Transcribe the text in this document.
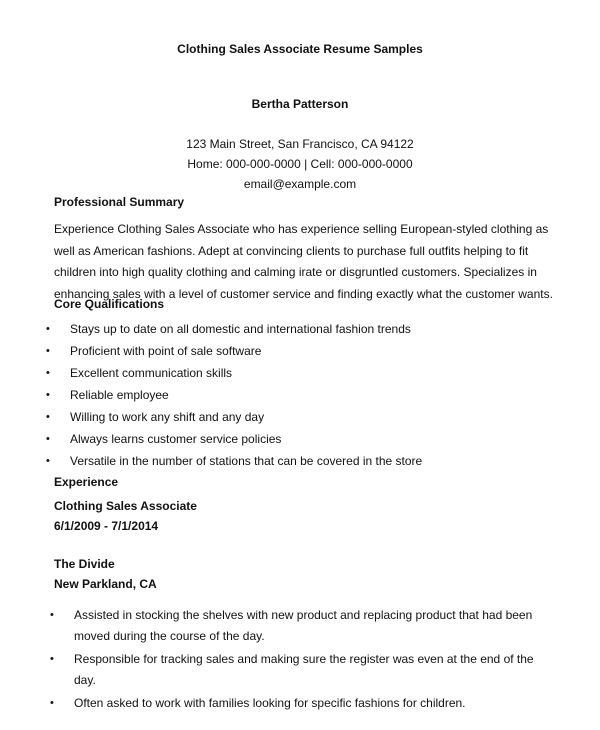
Clothing Sales Associate Resume Samples
Bertha Patterson
123 Main Street, San Francisco, CA 94122
Home: 000-000-0000 | Cell: 000-000-0000
email@example.com
Professional Summary

Experience Clothing Sales Associate who has experience selling European-styled clothing as well as American fashions. Adept at convincing clients to purchase full outfits helping to fit children into high quality clothing and calming irate or disgruntled customers. Specializes in enhancing sales with a level of customer service and finding exactly what the customer wants.

Core Qualifications
•	Stays up to date on all domestic and international fashion trends
•	Proficient with point of sale software
•	Excellent communication skills
•	Reliable employee
•	Willing to work any shift and any day
•	Always learns customer service policies
•	Versatile in the number of stations that can be covered in the store
Experience
Clothing Sales Associate
6/1/2009 - 7/1/2014
The Divide
New Parkland, CA
• Assisted in stocking the shelves with new product and replacing product that had been moved during the course of the day.
• Responsible for tracking sales and making sure the register was even at the end of the day.
• Often asked to work with families looking for specific fashions for children.
